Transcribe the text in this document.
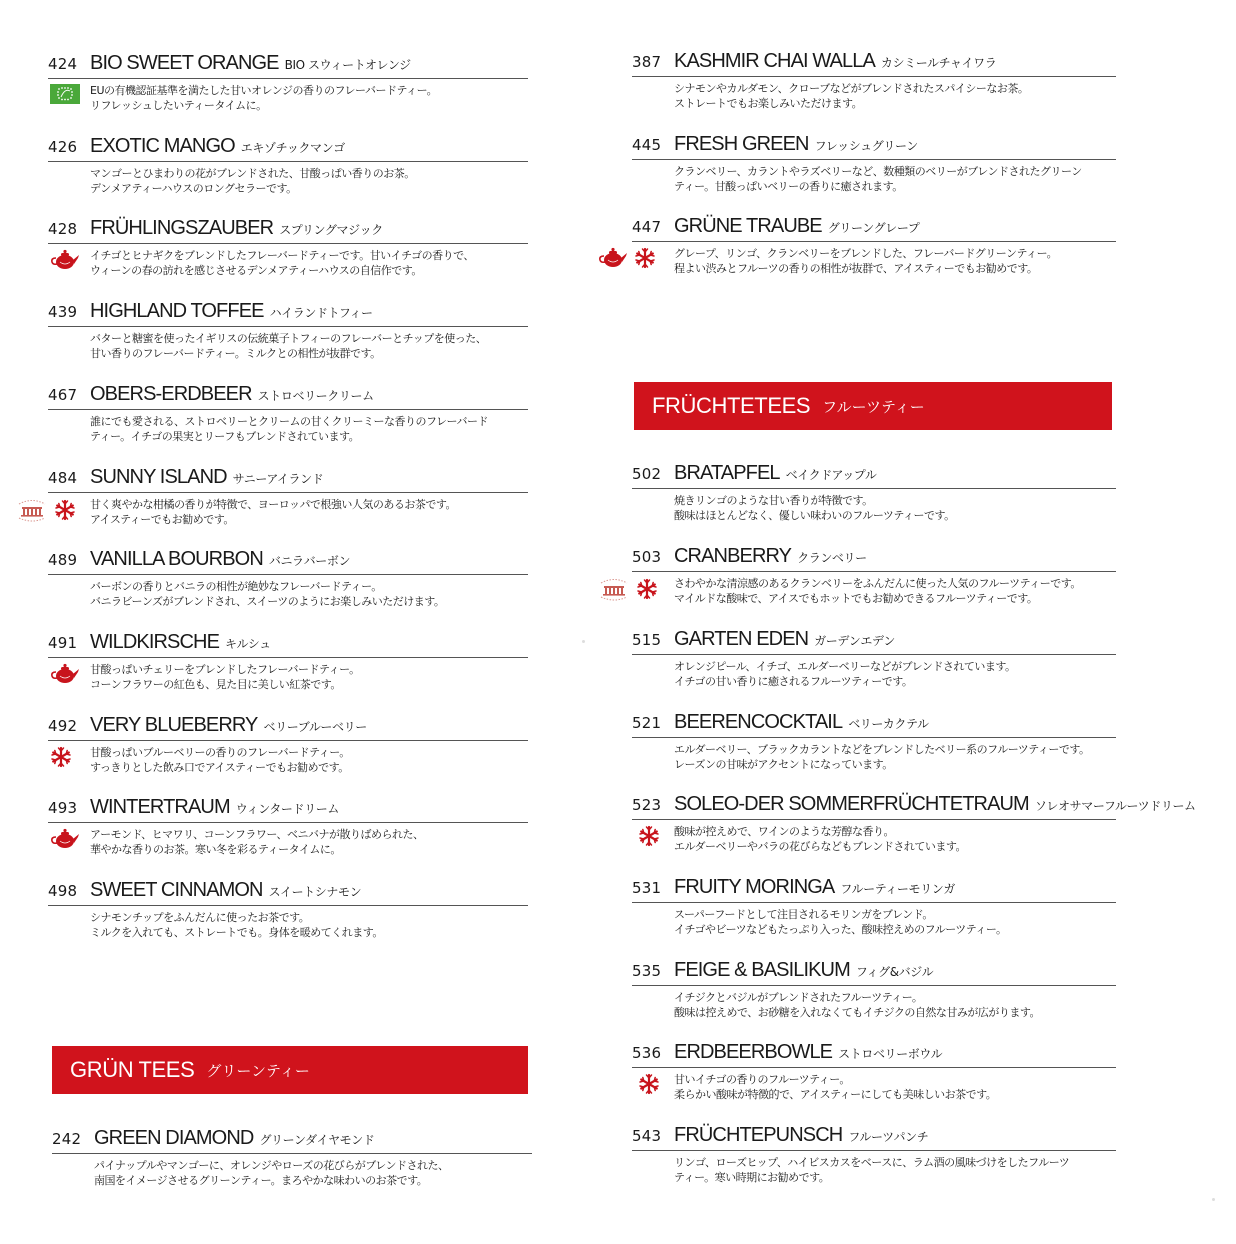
424 BIO SWEET ORANGE BIO スウィートオレンジ
EUの有機認証基準を満たした甘いオレンジの香りのフレーバードティー。
リフレッシュしたいティータイムに。
426 EXOTIC MANGO エキゾチックマンゴ
マンゴーとひまわりの花がブレンドされた、甘酸っぱい香りのお茶。
デンメアティーハウスのロングセラーです。
428 FRÜHLINGSZAUBER スプリングマジック
イチゴとヒナギクをブレンドしたフレーバードティーです。甘いイチゴの香りで、
ウィーンの春の訪れを感じさせるデンメアティーハウスの自信作です。
439 HIGHLAND TOFFEE ハイランドトフィー
バターと糖蜜を使ったイギリスの伝統菓子トフィーのフレーバーとチップを使った、
甘い香りのフレーバードティー。ミルクとの相性が抜群です。
467 OBERS-ERDBEER ストロベリークリーム
誰にでも愛される、ストロベリーとクリームの甘くクリーミーな香りのフレーバード
ティー。イチゴの果実とリーフもブレンドされています。
484 SUNNY ISLAND サニーアイランド
甘く爽やかな柑橘の香りが特徴で、ヨーロッパで根強い人気のあるお茶です。
アイスティーでもお勧めです。
489 VANILLA BOURBON バニラバーボン
バーボンの香りとバニラの相性が絶妙なフレーバードティー。
バニラビーンズがブレンドされ、スイーツのようにお楽しみいただけます。
491 WILDKIRSCHE キルシュ
甘酸っぱいチェリーをブレンドしたフレーバードティー。
コーンフラワーの紅色も、見た目に美しい紅茶です。
492 VERY BLUEBERRY ベリーブルーベリー
甘酸っぱいブルーベリーの香りのフレーバードティー。
すっきりとした飲み口でアイスティーでもお勧めです。
493 WINTERTRAUM ウィンタードリーム
アーモンド、ヒマワリ、コーンフラワー、ベニバナが散りばめられた、
華やかな香りのお茶。寒い冬を彩るティータイムに。
498 SWEET CINNAMON スイートシナモン
シナモンチップをふんだんに使ったお茶です。
ミルクを入れても、ストレートでも。身体を暖めてくれます。
242 GREEN DIAMOND グリーンダイヤモンド
パイナップルやマンゴーに、オレンジやローズの花びらがブレンドされた、
南国をイメージさせるグリーンティー。まろやかな味わいのお茶です。
387 KASHMIR CHAI WALLA カシミールチャイワラ
シナモンやカルダモン、クローブなどがブレンドされたスパイシーなお茶。
ストレートでもお楽しみいただけます。
445 FRESH GREEN フレッシュグリーン
クランベリー、カラントやラズベリーなど、数種類のベリーがブレンドされたグリーン
ティー。甘酸っぱいベリーの香りに癒されます。
447 GRÜNE TRAUBE グリーングレープ
グレープ、リンゴ、クランベリーをブレンドした、フレーバードグリーンティー。
程よい渋みとフルーツの香りの相性が抜群で、アイスティーでもお勧めです。
502 BRATAPFEL ベイクドアップル
焼きリンゴのような甘い香りが特徴です。
酸味はほとんどなく、優しい味わいのフルーツティーです。
503 CRANBERRY クランベリー
さわやかな清涼感のあるクランベリーをふんだんに使った人気のフルーツティーです。
マイルドな酸味で、アイスでもホットでもお勧めできるフルーツティーです。
515 GARTEN EDEN ガーデンエデン
オレンジピール、イチゴ、エルダーベリーなどがブレンドされています。
イチゴの甘い香りに癒されるフルーツティーです。
521 BEERENCOCKTAIL ベリーカクテル
エルダーベリー、ブラックカラントなどをブレンドしたベリー系のフルーツティーです。
レーズンの甘味がアクセントになっています。
523 SOLEO-DER SOMMERFRÜCHTETRAUM ソレオサマーフルーツドリーム
酸味が控えめで、ワインのような芳醇な香り。
エルダーベリーやバラの花びらなどもブレンドされています。
531 FRUITY MORINGA フルーティーモリンガ
スーパーフードとして注目されるモリンガをブレンド。
イチゴやビーツなどもたっぷり入った、酸味控えめのフルーツティー。
535 FEIGE & BASILIKUM フィグ&バジル
イチジクとバジルがブレンドされたフルーツティー。
酸味は控えめで、お砂糖を入れなくてもイチジクの自然な甘みが広がります。
536 ERDBEERBOWLE ストロベリーボウル
甘いイチゴの香りのフルーツティー。
柔らかい酸味が特徴的で、アイスティーにしても美味しいお茶です。
543 FRÜCHTEPUNSCH フルーツパンチ
リンゴ、ローズヒップ、ハイビスカスをベースに、ラム酒の風味づけをしたフルーツ
ティー。寒い時期にお勧めです。
GRÜN TEES グリーンティー
FRÜCHTETEES フルーツティー
